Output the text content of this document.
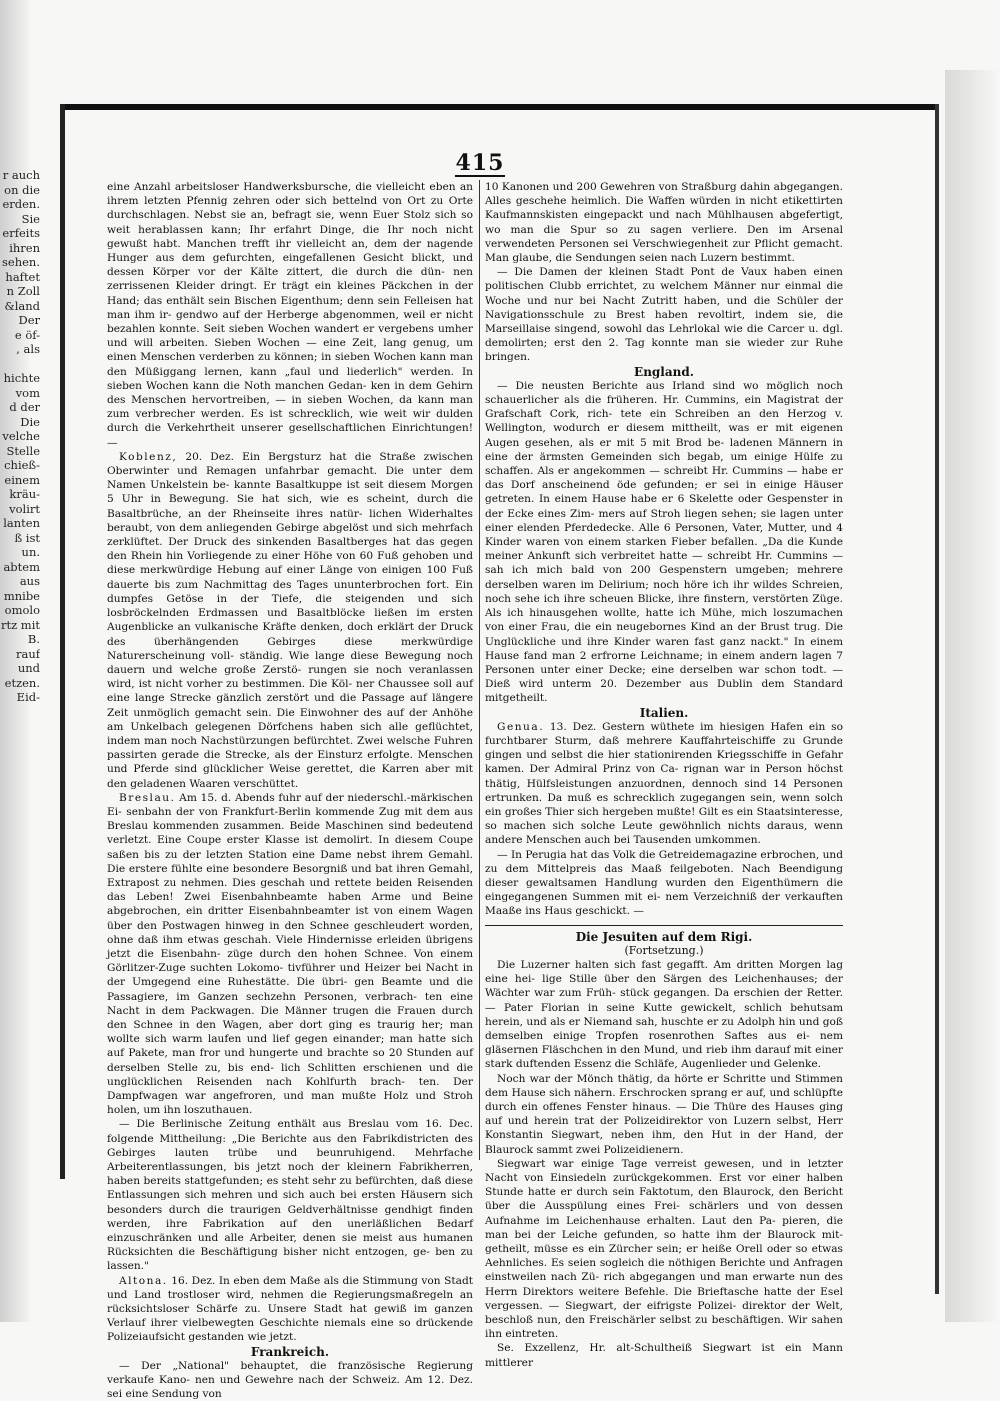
r auch
on die
erden.
Sie
erfeits
ihren
sehen.
haftet
n Zoll
&land
Der
e öf-
, als
hichte
vom
d der
Die
velche
Stelle
chieß-
einem
kräu-
volirt
lanten
ß ist
un.
abtem
aus
mnibe
omolo
rtz mit
B.
rauf
und
etzen.
Eid-
415

eine Anzahl arbeitsloser Handwerksbursche, die vielleicht eben an ihrem letzten Pfennig zehren oder sich bettelnd von Ort zu Orte durchschlagen. Nebst sie an, befragt sie, wenn Euer Stolz sich so weit herablassen kann; Ihr erfahrt Dinge, die Ihr noch nicht gewußt habt. Manchen trefft ihr vielleicht an, dem der nagende Hunger aus dem gefurchten, eingefallenen Gesicht blickt, und dessen Körper vor der Kälte zittert, die durch die dün- nen zerrissenen Kleider dringt. Er trägt ein kleines Päckchen in der Hand; das enthält sein Bischen Eigenthum; denn sein Felleisen hat man ihm ir- gendwo auf der Herberge abgenommen, weil er nicht bezahlen konnte. Seit sieben Wochen wandert er vergebens umher und will arbeiten. Sieben Wochen — eine Zeit, lang genug, um einen Menschen verderben zu können; in sieben Wochen kann man den Müßiggang lernen, kann „faul und liederlich" werden. In sieben Wochen kann die Noth manchen Gedan- ken in dem Gehirn des Menschen hervortreiben, — in sieben Wochen, da kann man zum verbrecher werden. Es ist schrecklich, wie weit wir dulden durch die Verkehrtheit unserer gesellschaftlichen Einrichtungen! —

Koblenz, 20. Dez. Ein Bergsturz hat die Straße zwischen Oberwinter und Remagen unfahrbar gemacht. Die unter dem Namen Unkelstein be- kannte Basaltkuppe ist seit diesem Morgen 5 Uhr in Bewegung. Sie hat sich, wie es scheint, durch die Basaltbrüche, an der Rheinseite ihres natür- lichen Widerhaltes beraubt, von dem anliegenden Gebirge abgelöst und sich mehrfach zerklüftet. Der Druck des sinkenden Basaltberges hat das gegen den Rhein hin Vorliegende zu einer Höhe von 60 Fuß gehoben und diese merkwürdige Hebung auf einer Länge von einigen 100 Fuß dauerte bis zum Nachmittag des Tages ununterbrochen fort. Ein dumpfes Getöse in der Tiefe, die steigenden und sich losbröckelnden Erdmassen und Basaltblöcke ließen im ersten Augenblicke an vulkanische Kräfte denken, doch erklärt der Druck des überhängenden Gebirges diese merkwürdige Naturerscheinung voll- ständig. Wie lange diese Bewegung noch dauern und welche große Zerstö- rungen sie noch veranlassen wird, ist nicht vorher zu bestimmen. Die Köl- ner Chaussee soll auf eine lange Strecke gänzlich zerstört und die Passage auf längere Zeit unmöglich gemacht sein. Die Einwohner des auf der Anhöhe am Unkelbach gelegenen Dörfchens haben sich alle geflüchtet, indem man noch Nachstürzungen befürchtet. Zwei welsche Fuhren passirten gerade die Strecke, als der Einsturz erfolgte. Menschen und Pferde sind glücklicher Weise gerettet, die Karren aber mit den geladenen Waaren verschüttet.

Breslau. Am 15. d. Abends fuhr auf der niederschl.-märkischen Ei- senbahn der von Frankfurt-Berlin kommende Zug mit dem aus Breslau kommenden zusammen. Beide Maschinen sind bedeutend verletzt. Eine Coupe erster Klasse ist demolirt. In diesem Coupe saßen bis zu der letzten Station eine Dame nebst ihrem Gemahl. Die erstere fühlte eine besondere Besorgniß und bat ihren Gemahl, Extrapost zu nehmen. Dies geschah und rettete beiden Reisenden das Leben! Zwei Eisenbahnbeamte haben Arme und Beine abgebrochen, ein dritter Eisenbahnbeamter ist von einem Wagen über den Postwagen hinweg in den Schnee geschleudert worden, ohne daß ihm etwas geschah. Viele Hindernisse erleiden übrigens jetzt die Eisenbahn- züge durch den hohen Schnee. Von einem Görlitzer-Zuge suchten Lokomo- tivführer und Heizer bei Nacht in der Umgegend eine Ruhestätte. Die übri- gen Beamte und die Passagiere, im Ganzen sechzehn Personen, verbrach- ten eine Nacht in dem Packwagen. Die Männer trugen die Frauen durch den Schnee in den Wagen, aber dort ging es traurig her; man wollte sich warm laufen und lief gegen einander; man hatte sich auf Pakete, man fror und hungerte und brachte so 20 Stunden auf derselben Stelle zu, bis end- lich Schlitten erschienen und die unglücklichen Reisenden nach Kohlfurth brach- ten. Der Dampfwagen war angefroren, und man mußte Holz und Stroh holen, um ihn loszuthauen.

— Die Berlinische Zeitung enthält aus Breslau vom 16. Dec. folgende Mittheilung: „Die Berichte aus den Fabrikdistricten des Gebirges lauten trübe und beunruhigend. Mehrfache Arbeiterentlassungen, bis jetzt noch der kleinern Fabrikherren, haben bereits stattgefunden; es steht sehr zu befürchten, daß diese Entlassungen sich mehren und sich auch bei ersten Häusern sich besonders durch die traurigen Geldverhältnisse gendhigt finden werden, ihre Fabrikation auf den unerläßlichen Bedarf einzuschränken und alle Arbeiter, denen sie meist aus humanen Rücksichten die Beschäftigung bisher nicht entzogen, ge- ben zu lassen."

Altona. 16. Dez. In eben dem Maße als die Stimmung von Stadt und Land trostloser wird, nehmen die Regierungsmaßregeln an rücksichtsloser Schärfe zu. Unsere Stadt hat gewiß im ganzen Verlauf ihrer vielbewegten Geschichte niemals eine so drückende Polizeiaufsicht gestanden wie jetzt.

Frankreich.

— Der „National" behauptet, die französische Regierung verkaufe Kano- nen und Gewehre nach der Schweiz. Am 12. Dez. sei eine Sendung von

10 Kanonen und 200 Gewehren von Straßburg dahin abgegangen. Alles geschehe heimlich. Die Waffen würden in nicht etikettirten Kaufmannskisten eingepackt und nach Mühlhausen abgefertigt, wo man die Spur so zu sagen verliere. Den im Arsenal verwendeten Personen sei Verschwiegenheit zur Pflicht gemacht. Man glaube, die Sendungen seien nach Luzern bestimmt.

— Die Damen der kleinen Stadt Pont de Vaux haben einen politischen Clubb errichtet, zu welchem Männer nur einmal die Woche und nur bei Nacht Zutritt haben, und die Schüler der Navigationsschule zu Brest haben revoltirt, indem sie, die Marseillaise singend, sowohl das Lehrlokal wie die Carcer u. dgl. demolirten; erst den 2. Tag konnte man sie wieder zur Ruhe bringen.

England.

— Die neusten Berichte aus Irland sind wo möglich noch schauerlicher als die früheren. Hr. Cummins, ein Magistrat der Grafschaft Cork, rich- tete ein Schreiben an den Herzog v. Wellington, wodurch er diesem mittheilt, was er mit eigenen Augen gesehen, als er mit 5 mit Brod be- ladenen Männern in eine der ärmsten Gemeinden sich begab, um einige Hülfe zu schaffen. Als er angekommen — schreibt Hr. Cummins — habe er das Dorf anscheinend öde gefunden; er sei in einige Häuser getreten. In einem Hause habe er 6 Skelette oder Gespenster in der Ecke eines Zim- mers auf Stroh liegen sehen; sie lagen unter einer elenden Pferdedecke. Alle 6 Personen, Vater, Mutter, und 4 Kinder waren von einem starken Fieber befallen. „Da die Kunde meiner Ankunft sich verbreitet hatte — schreibt Hr. Cummins — sah ich mich bald von 200 Gespenstern umgeben; mehrere derselben waren im Delirium; noch höre ich ihr wildes Schreien, noch sehe ich ihre scheuen Blicke, ihre finstern, verstörten Züge. Als ich hinausgehen wollte, hatte ich Mühe, mich loszumachen von einer Frau, die ein neugebornes Kind an der Brust trug. Die Unglückliche und ihre Kinder waren fast ganz nackt." In einem Hause fand man 2 erfrorne Leichname; in einem andern lagen 7 Personen unter einer Decke; eine derselben war schon todt. — Dieß wird unterm 20. Dezember aus Dublin dem Standard mitgetheilt.

Italien.

Genua. 13. Dez. Gestern wüthete im hiesigen Hafen ein so furchtbarer Sturm, daß mehrere Kauffahrteischiffe zu Grunde gingen und selbst die hier stationirenden Kriegsschiffe in Gefahr kamen. Der Admiral Prinz von Ca- rignan war in Person höchst thätig, Hülfsleistungen anzuordnen, dennoch sind 14 Personen ertrunken. Da muß es schrecklich zugegangen sein, wenn solch ein großes Thier sich hergeben mußte! Gilt es ein Staatsinteresse, so machen sich solche Leute gewöhnlich nichts daraus, wenn andere Menschen auch bei Tausenden umkommen.

— In Perugia hat das Volk die Getreidemagazine erbrochen, und zu dem Mittelpreis das Maaß feilgeboten. Nach Beendigung dieser gewaltsamen Handlung wurden den Eigenthümern die eingegangenen Summen mit ei- nem Verzeichniß der verkauften Maaße ins Haus geschickt. —

Die Jesuiten auf dem Rigi.

(Fortsetzung.)

Die Luzerner halten sich fast gegafft. Am dritten Morgen lag eine hei- lige Stille über den Särgen des Leichenhauses; der Wächter war zum Früh- stück gegangen. Da erschien der Retter. — Pater Florian in seine Kutte gewickelt, schlich behutsam herein, und als er Niemand sah, huschte er zu Adolph hin und goß demselben einige Tropfen rosenrothen Saftes aus ei- nem gläsernen Fläschchen in den Mund, und rieb ihm darauf mit einer stark duftenden Essenz die Schläfe, Augenlieder und Gelenke.

Noch war der Mönch thätig, da hörte er Schritte und Stimmen dem Hause sich nähern. Erschrocken sprang er auf, und schlüpfte durch ein offenes Fenster hinaus. — Die Thüre des Hauses ging auf und herein trat der Polizeidirektor von Luzern selbst, Herr Konstantin Siegwart, neben ihm, den Hut in der Hand, der Blaurock sammt zwei Polizeidienern.

Siegwart war einige Tage verreist gewesen, und in letzter Nacht von Einsiedeln zurückgekommen. Erst vor einer halben Stunde hatte er durch sein Faktotum, den Blaurock, den Bericht über die Ausspülung eines Frei- schärlers und von dessen Aufnahme im Leichenhause erhalten. Laut den Pa- pieren, die man bei der Leiche gefunden, so hatte ihm der Blaurock mit- getheilt, müsse es ein Zürcher sein; er heiße Orell oder so etwas Aehnliches. Es seien sogleich die nöthigen Berichte und Anfragen einstweilen nach Zü- rich abgegangen und man erwarte nun des Herrn Direktors weitere Befehle. Die Brieftasche hatte der Esel vergessen. — Siegwart, der eifrigste Polizei- direktor der Welt, beschloß nun, den Freischärler selbst zu beschäftigen. Wir sahen ihn eintreten.

Se. Exzellenz, Hr. alt-Schultheiß Siegwart ist ein Mann mittlerer
